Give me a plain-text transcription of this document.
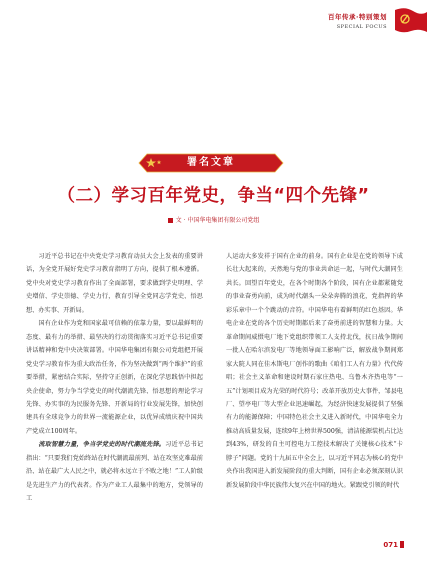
百年传承·特别策划
SPECIAL FOCUS
署名文章
（二）学习百年党史，争当“四个先锋”
文 · 中国华电集团有限公司党组

习近平总书记在中央党史学习教育动员大会上发表的重要讲话，为全党开展好党史学习教育指明了方向，提供了根本遵循。党中央对党史学习教育作出了全面部署，要求做到学史明理、学史增信、学史崇德、学史力行，教育引导全党同志学党史、悟思想、办实事、开新局。

国有企业作为党和国家最可信赖的依靠力量，要以最鲜明的态度、最有力的举措、最坚决的行动贯彻落实习近平总书记重要讲话精神和党中央决策部署。中国华电集团有限公司党组把开展党史学习教育作为重大政治任务，作为坚决做到“两个维护”的重要举措，紧密结合实际，坚持守正创新，在深化学思践悟中担起央企使命，努力争当学党史的时代潮流先锋、悟思想的理论学习先锋、办实事的为民服务先锋、开新局的行业发展先锋，加快创建具有全球竞争力的世界一流能源企业，以优异成绩庆祝中国共产党成立100周年。

流取智慧力量，争当学党史的时代潮流先锋。习近平总书记指出：“只要我们党始终站在时代潮流最前列、站在攻坚克难最前沿、站在最广大人民之中，就必将永远立于不败之地！”工人阶级是先进生产力的代表者。作为产业工人最集中的地方，党领导的工

人运动大多发祥于国有企业的前身。国有企业是在党的领导下成长壮大起来的，天然地与党的事业共命运一起，与时代大潮同生共长。回望百年党史，在各个时期各个阶段，国有企业都紧随党的事业奋勇向前，成为时代潮头一朵朵奔腾的浪花，党指挥的华彩乐章中一个个跳动的音符。中国华电有着鲜明的红色基因。华电企业在党的各个历史时期都后来了奋勇前进的智慧和力量。大革命期间威慑电厂地下党组织带领工人支持北伐，抗日战争期间一批人在哈尔滨发电厂等地领导面工影响广泛，解放战争期间郑家大院人同在佳木斯电厂创作的歌曲《咱们工人有力量》代代传唱；社会主义革命和建设时期石家庄热电、乌鲁木齐热电等“一五”计划项目成为光荣的时代符号；改革开放历史大事件，邹县电厂、望亭电厂等大型企业迅速崛起，为经济快速发展提供了坚强有力的能源保障；中国特色社会主义进入新时代，中国华电全力推动高质量发展，连续9年上榜世界500强，清洁能源装机占比达到43%，研发的自主可控电力工控技术解决了关键核心技术“卡脖子”问题。党的十九届五中全会上，以习近平同志为核心的党中央作出我国进入新发展阶段的重大判断，国有企业必须深刻认识新发展阶段中华民族伟大复兴在中国的地火。紧跟党引领的时代

071
